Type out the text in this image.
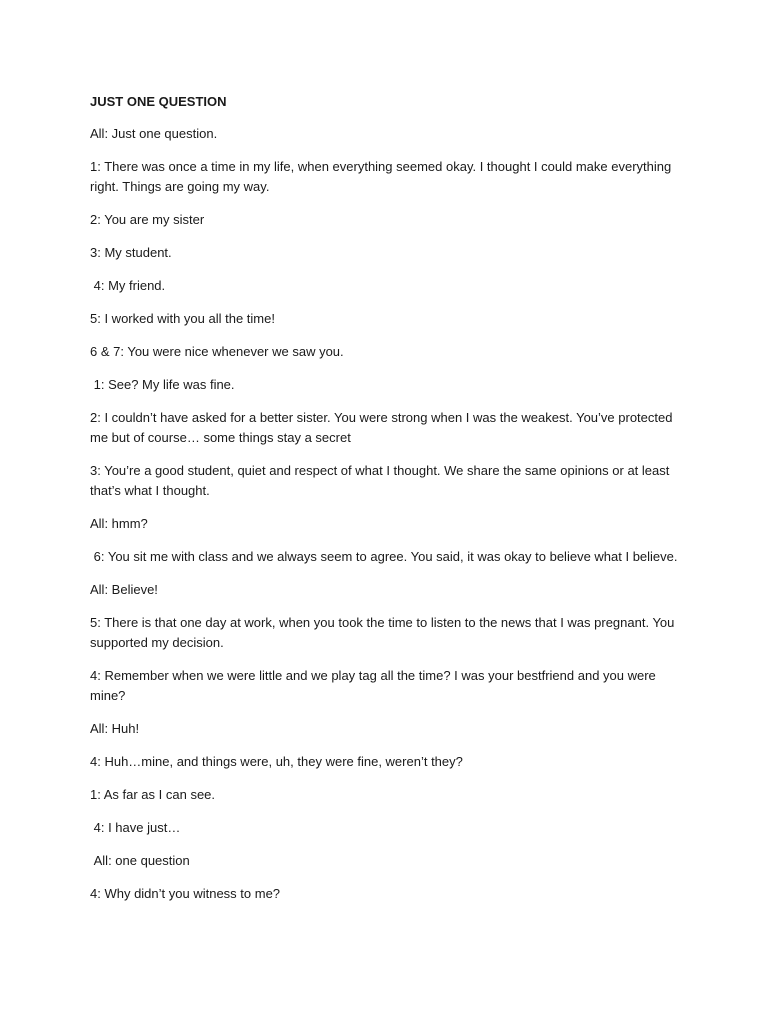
JUST ONE QUESTION

All: Just one question.

1: There was once a time in my life, when everything seemed okay. I thought I could make everything right. Things are going my way.

2: You are my sister

3: My student.

4: My friend.

5: I worked with you all the time!

6 & 7: You were nice whenever we saw you.

1: See? My life was fine.

2: I couldn’t have asked for a better sister. You were strong when I was the weakest. You’ve protected me but of course… some things stay a secret

3: You’re a good student, quiet and respect of what I thought. We share the same opinions or at least that’s what I thought.

All: hmm?

6: You sit me with class and we always seem to agree. You said, it was okay to believe what I believe.

All: Believe!

5: There is that one day at work, when you took the time to listen to the news that I was pregnant. You supported my decision.

4: Remember when we were little and we play tag all the time? I was your bestfriend and you were mine?

All: Huh!

4: Huh…mine, and things were, uh, they were fine, weren’t they?

1: As far as I can see.

4: I have just…

All: one question

4: Why didn’t you witness to me?
